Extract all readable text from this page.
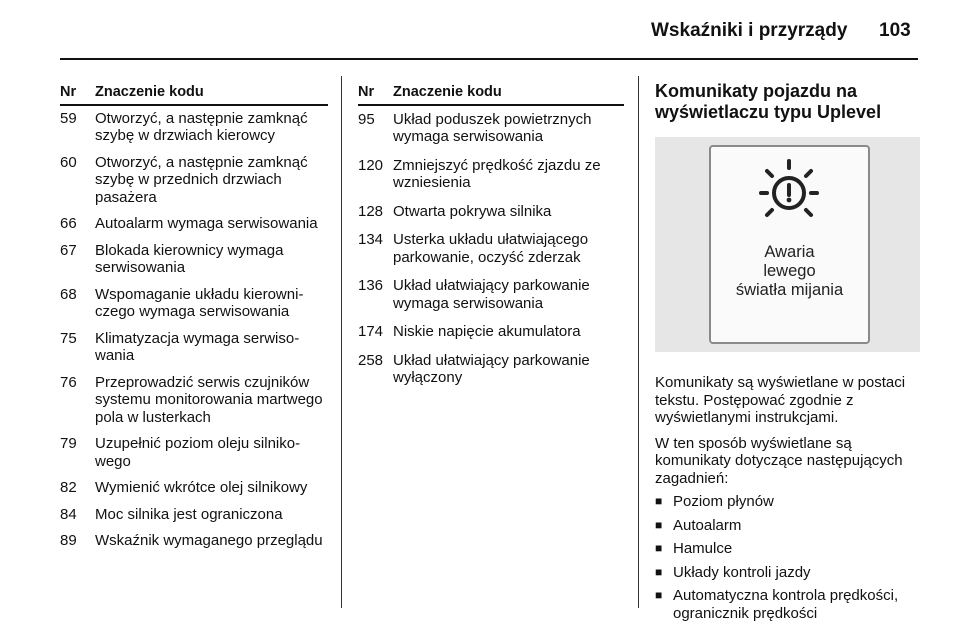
Wskaźniki i przyrządy 103
Nr	Znaczenie kodu
59	Otworzyć, a następnie zamknąć szybę w drzwiach kierowcy
60	Otworzyć, a następnie zamknąć szybę w przednich drzwiach pasażera
66	Autoalarm wymaga serwisowania
67	Blokada kierownicy wymaga serwisowania
68	Wspomaganie układu kierowniczego wymaga serwisowania
75	Klimatyzacja wymaga serwisowania
76	Przeprowadzić serwis czujników systemu monitorowania martwego pola w lusterkach
79	Uzupełnić poziom oleju silnikowego
82	Wymienić wkrótce olej silnikowy
84	Moc silnika jest ograniczona
89	Wskaźnik wymaganego przeglądu
Nr	Znaczenie kodu
95	Układ poduszek powietrznych wymaga serwisowania
120	Zmniejszyć prędkość zjazdu ze wzniesienia
128	Otwarta pokrywa silnika
134	Usterka układu ułatwiającego parkowanie, oczyść zderzak
136	Układ ułatwiający parkowanie wymaga serwisowania
174	Niskie napięcie akumulatora
258	Układ ułatwiający parkowanie wyłączony
Komunikaty pojazdu na wyświetlaczu typu Uplevel
Awaria
lewego
światła mijania

Komunikaty są wyświetlane w postaci tekstu. Postępować zgodnie z wyświetlanymi instrukcjami.

W ten sposób wyświetlane są komunikaty dotyczące następujących zagadnień:

■ Poziom płynów
■ Autoalarm
■ Hamulce
■ Układy kontroli jazdy
■ Automatyczna kontrola prędkości, ogranicznik prędkości
